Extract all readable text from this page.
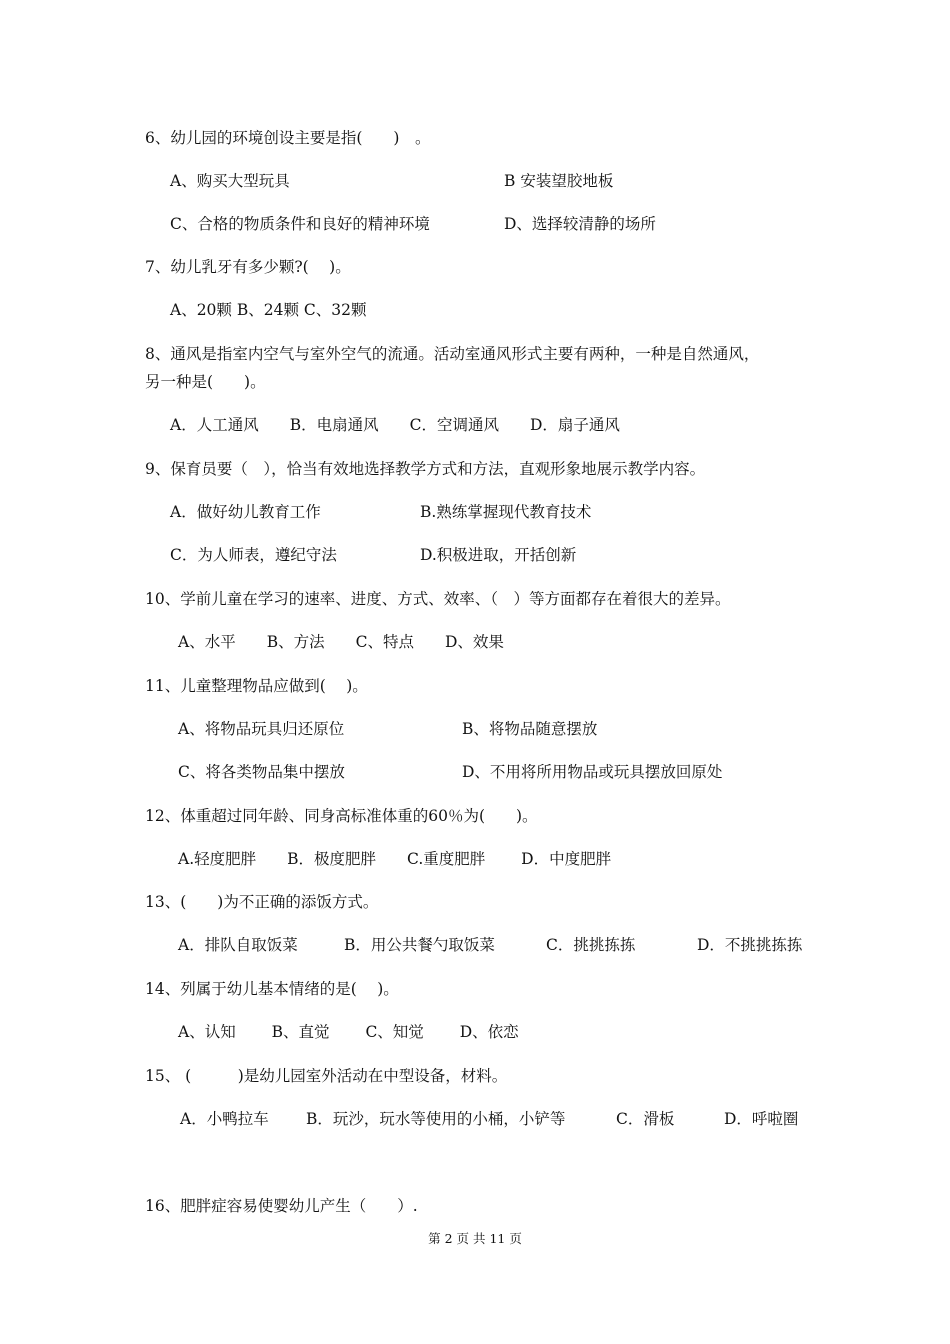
6、幼儿园的环境创设主要是指(　　)　。
A、购买大型玩具	B 安装望胶地板
C、合格的物质条件和良好的精神环境	D、选择较清静的场所
7、幼儿乳牙有多少颗?(　 )。
A、20颗 B、24颗 C、32颗
8、通风是指室内空气与室外空气的流通。活动室通风形式主要有两种，一种是自然通风，
另一种是(　　)。
A．人工通风　　B．电扇通风　　C．空调通风　　D．扇子通风
9、保育员要（　），恰当有效地选择教学方式和方法，直观形象地展示教学内容。
A．做好幼儿教育工作	B.熟练掌握现代教育技术
C．为人师表，遵纪守法	D.积极进取，开括创新
10、学前儿童在学习的速率、进度、方式、效率、（　）等方面都存在着很大的差异。
A、水平　　B、方法　　C、特点　　D、效果
11、儿童整理物品应做到(　 )。
A、将物品玩具归还原位	B、将物品随意摆放
C、将各类物品集中摆放	D、不用将所用物品或玩具摆放回原处
12、体重超过同年龄、同身高标准体重的60％为(　　)。
A.轻度肥胖　　B．极度肥胖　　C.重度肥胖　　 D．中度肥胖
13、(　　)为不正确的添饭方式。
A．排队自取饭菜	B．用公共餐勺取饭菜	C．挑挑拣拣	D．不挑挑拣拣
14、列属于幼儿基本情绪的是(　 )。
A、认知　　 B、直觉　　 C、知觉　　 D、依恋
15、 (　　　)是幼儿园室外活动在中型设备，材料。
A．小鸭拉车 B．玩沙，玩水等使用的小桶，小铲等	C．滑板	D．呼啦圈
16、肥胖症容易使婴幼儿产生（　　）.
第 2 页 共 11 页
